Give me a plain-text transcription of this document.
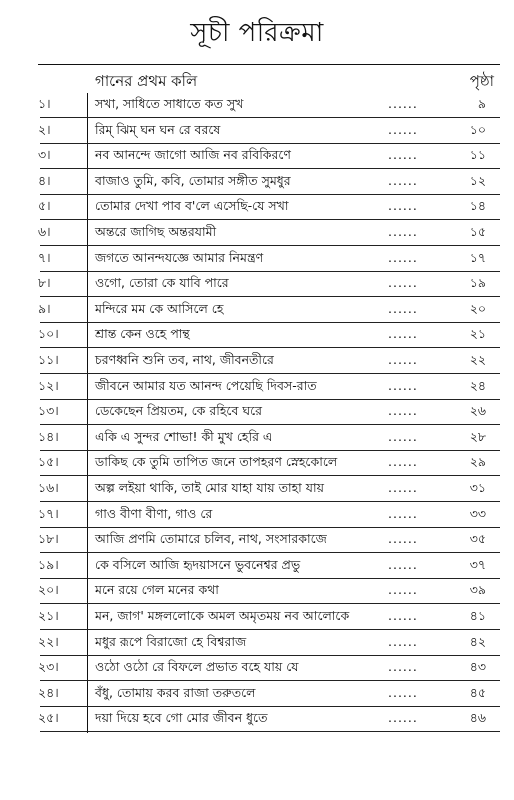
সূচী পরিক্রমা
গানের প্রথম কলি	পৃষ্ঠা
১।	সখা, সাধিতে সাধাতে কত সুখ	......	৯
২।	রিম্ ঝিম্ ঘন ঘন রে বরষে	......	১০
৩।	নব আনন্দে জাগো আজি নব রবিকিরণে	......	১১
৪।	বাজাও তুমি, কবি, তোমার সঙ্গীত সুমধুর	......	১২
৫।	তোমার দেখা পাব ব'লে এসেছি-যে সখা	......	১৪
৬।	অন্তরে জাগিছ অন্তরযামী	......	১৫
৭।	জগতে আনন্দযজ্ঞে আমার নিমন্ত্রণ	......	১৭
৮।	ওগো, তোরা কে যাবি পারে	......	১৯
৯।	মন্দিরে মম কে আসিলে হে	......	২০
১০।	শ্রান্ত কেন ওহে পান্থ	......	২১
১১।	চরণধ্বনি শুনি তব, নাথ, জীবনতীরে	......	২২
১২।	জীবনে আমার যত আনন্দ পেয়েছি দিবস-রাত	......	২৪
১৩।	ডেকেছেন প্রিয়তম, কে রহিবে ঘরে	......	২৬
১৪।	একি এ সুন্দর শোভা! কী মুখ হেরি এ	......	২৮
১৫।	ডাকিছ কে তুমি তাপিত জনে তাপহরণ স্নেহকোলে	......	২৯
১৬।	অল্প লইয়া থাকি, তাই মোর যাহা যায় তাহা যায়	......	৩১
১৭।	গাও বীণা বীণা, গাও রে	......	৩৩
১৮।	আজি প্রণমি তোমারে চলিব, নাথ, সংসারকাজে	......	৩৫
১৯।	কে বসিলে আজি হৃদয়াসনে ভুবনেশ্বর প্রভু	......	৩৭
২০।	মনে রয়ে গেল মনের কথা	......	৩৯
২১।	মন, জাগ' মঙ্গললোকে অমল অমৃতময় নব আলোকে	......	৪১
২২।	মধুর রূপে বিরাজো হে বিশ্বরাজ	......	৪২
২৩।	ওঠো ওঠো রে বিফলে প্রভাত বহে যায় যে	......	৪৩
২৪।	বঁধু, তোমায় করব রাজা তরুতলে	......	৪৫
২৫।	দয়া দিয়ে হবে গো মোর জীবন ধুতে	......	৪৬
